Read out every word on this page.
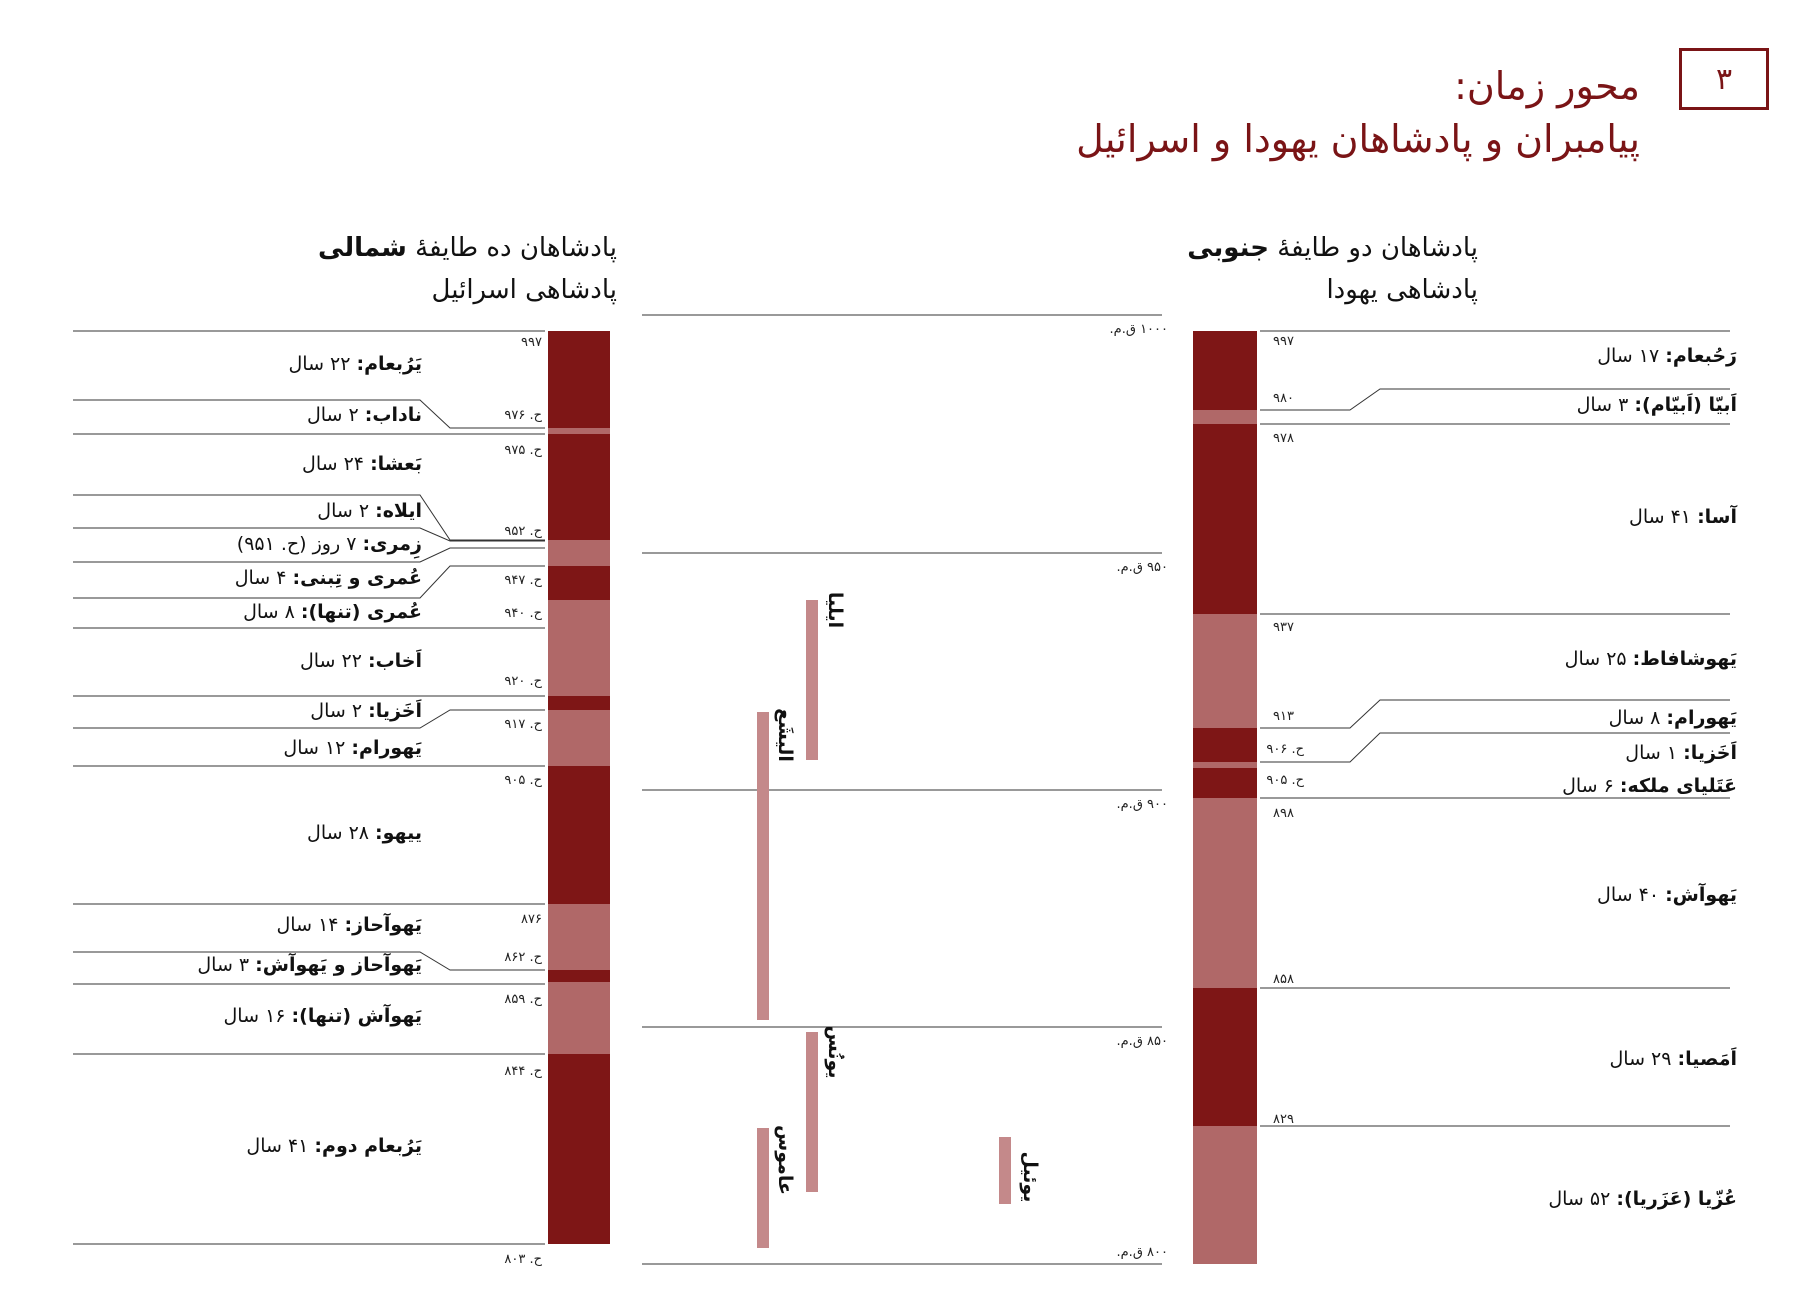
۳
محور زمان:
پیامبران و پادشاهان یهودا و اسرائیل
پادشاهان ده طایفهٔ شمالی
پادشاهی اسرائیل
پادشاهان دو طایفهٔ جنوبی
پادشاهی یهودا
یَرُبعام: ۲۲ سال
ناداب: ۲ سال
بَعشا: ۲۴ سال
ایلاه: ۲ سال
زِمری: ۷ روز (ح. ۹۵۱)
عُمری و تِبنی: ۴ سال
عُمری (تنها): ۸ سال
اَخاب: ۲۲ سال
اَخَزیا: ۲ سال
یَهورام: ۱۲ سال
ییهو: ۲۸ سال
یَهوآحاز: ۱۴ سال
یَهوآحاز و یَهوآش: ۳ سال
یَهوآش (تنها): ۱۶ سال
یَرُبعام دوم: ۴۱ سال
۹۹۷
ح. ۹۷۶
ح. ۹۷۵
ح. ۹۵۲
ح. ۹۴۷
ح. ۹۴۰
ح. ۹۲۰
ح. ۹۱۷
ح. ۹۰۵
۸۷۶
ح. ۸۶۲
ح. ۸۵۹
ح. ۸۴۴
ح. ۸۰۳
۱۰۰۰ ق.م.
۹۵۰ ق.م.
۹۰۰ ق.م.
۸۵۰ ق.م.
۸۰۰ ق.م.
ایلیا
الیشَع
یونُس
عاموس	یوئیل
رَحُبعام: ۱۷ سال
اَبیّا (اَبیّام): ۳ سال
آسا: ۴۱ سال
یَهوشافاط: ۲۵ سال
یَهورام: ۸ سال
اَخَزیا: ۱ سال
عَتَلیای ملکه: ۶ سال
یَهوآش: ۴۰ سال
اَمَصیا: ۲۹ سال
عُزّیا (عَزَریا): ۵۲ سال
۹۹۷
۹۸۰
۹۷۸
۹۳۷
۹۱۳
ح. ۹۰۶
ح. ۹۰۵
۸۹۸
۸۵۸
۸۲۹
